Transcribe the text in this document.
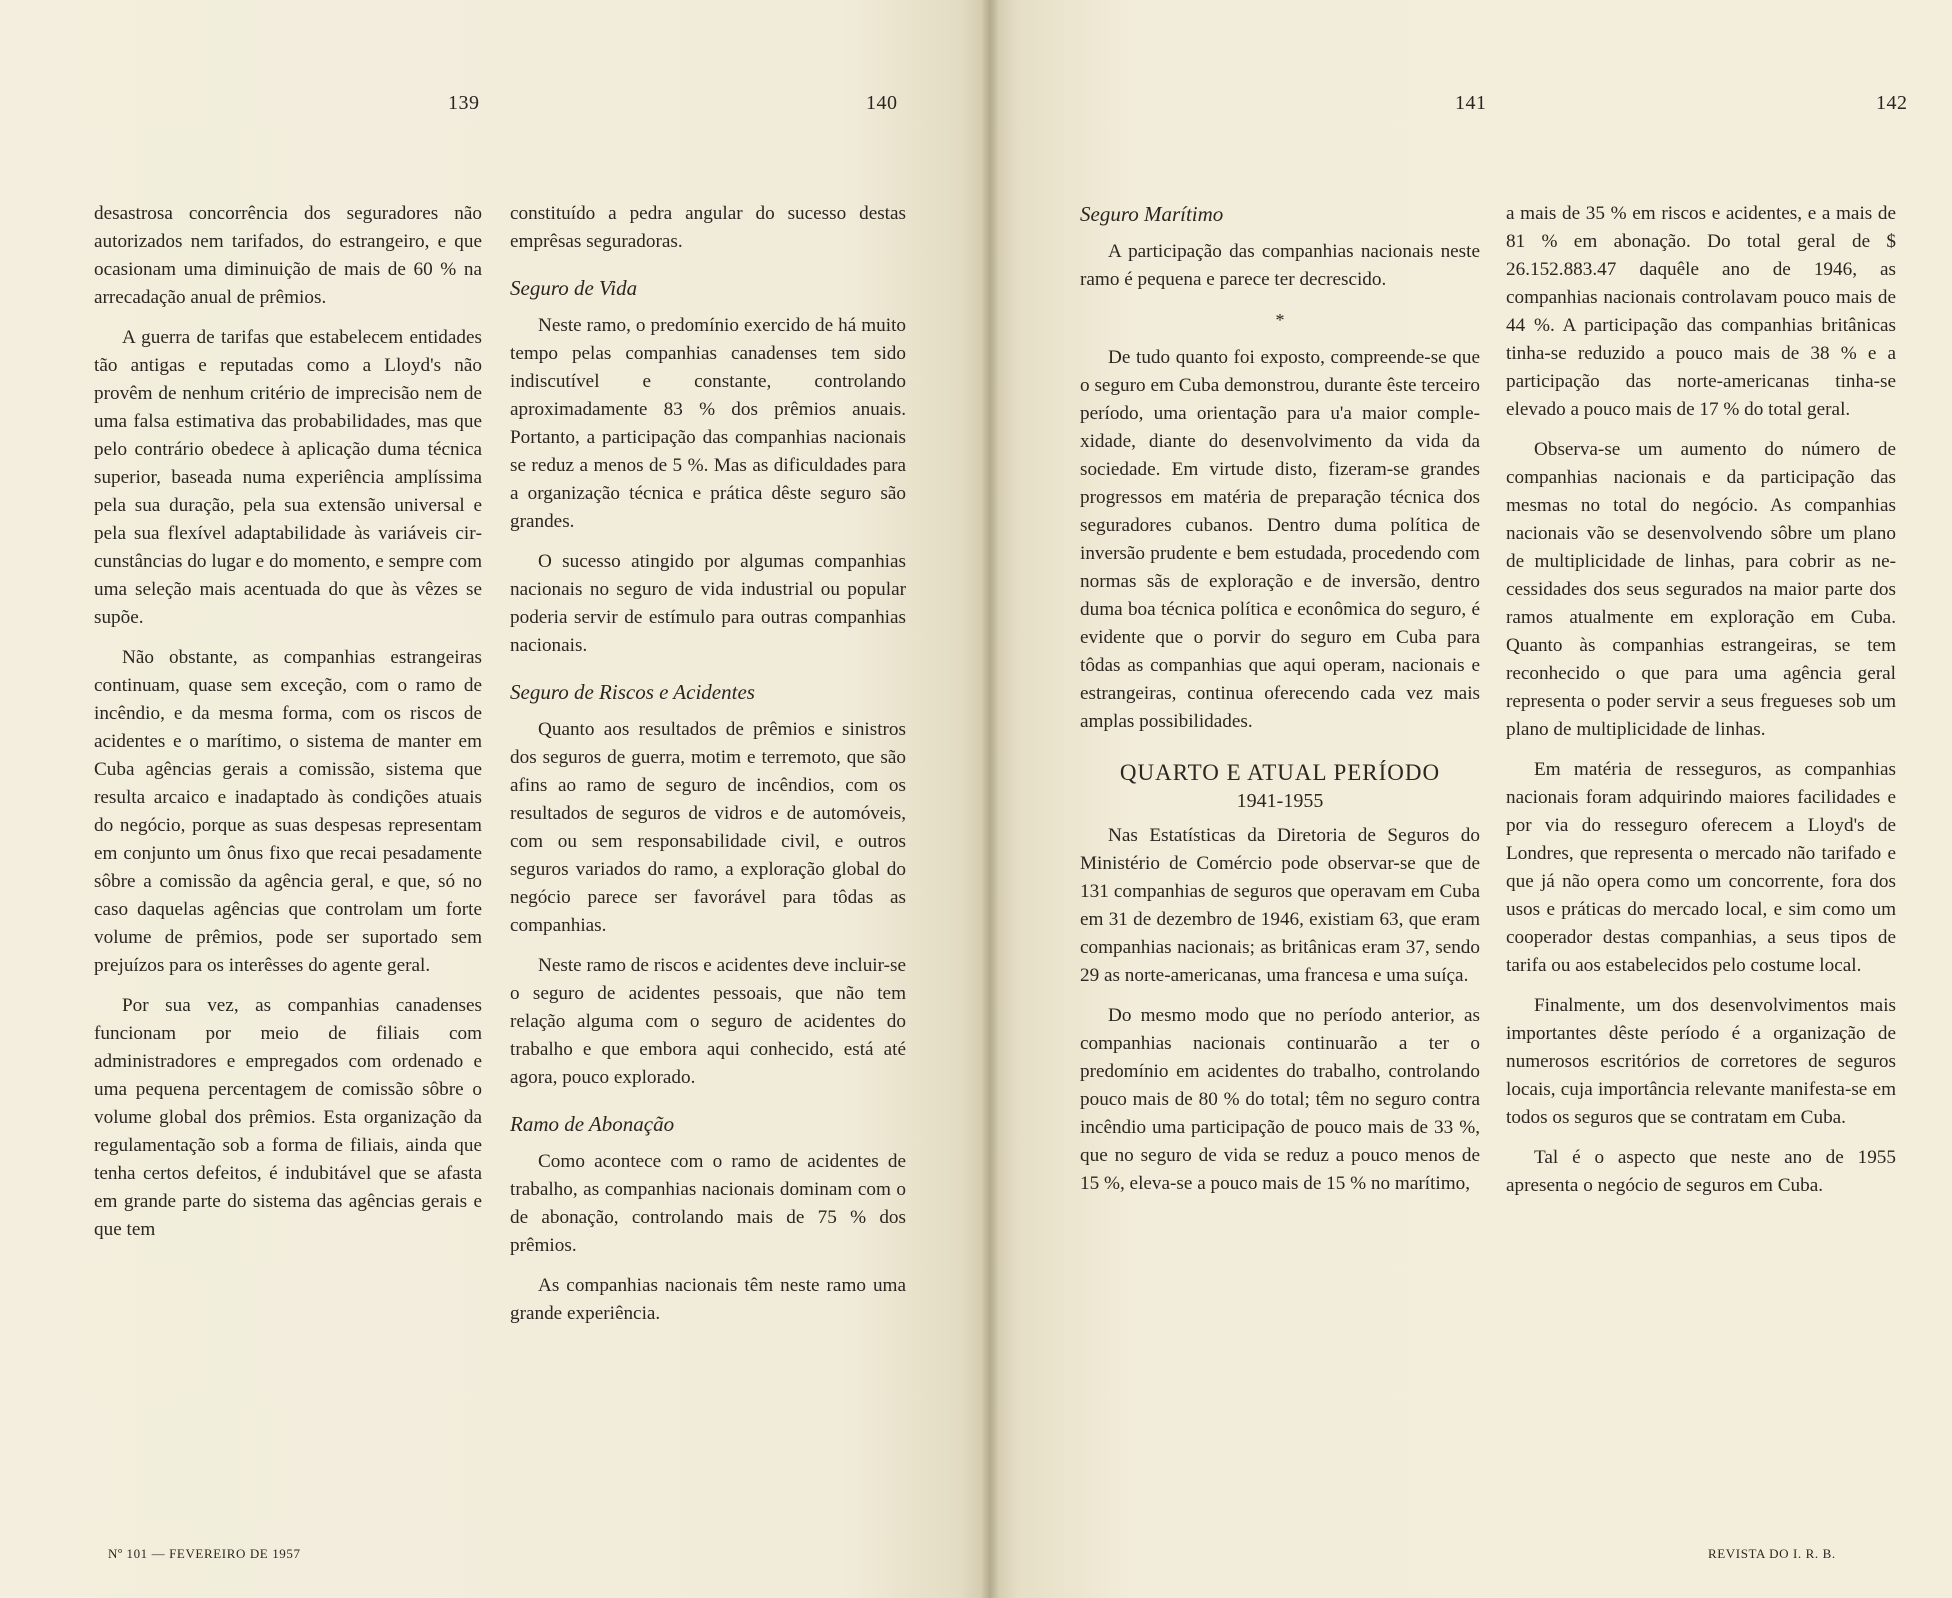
139	140	141	142

desastrosa concorrência dos seguradores não autorizados nem tarifados, do estrangeiro, e que ocasionam uma diminuição de mais de 60 % na arrecadação anual de prêmios.

A guerra de tarifas que estabelecem entidades tão antigas e reputadas como a Lloyd's não provêm de nenhum critério de imprecisão nem de uma falsa estimativa das probabilidades, mas que pelo contrário obedece à aplicação duma técnica superior, baseada numa experiência amplíssima pela sua duração, pela sua extensão universal e pela sua flexível adaptabilidade às variáveis circunstâncias do lugar e do momento, e sempre com uma seleção mais acentuada do que às vêzes se supõe.

Não obstante, as companhias estrangeiras continuam, quase sem exceção, com o ramo de incêndio, e da mesma forma, com os riscos de acidentes e o marítimo, o sistema de manter em Cuba agências gerais a comissão, sistema que resulta arcaico e inadaptado às condições atuais do negócio, porque as suas despesas representam em conjunto um ônus fixo que recai pesadamente sôbre a comissão da agência geral, e que, só no caso daquelas agências que controlam um forte volume de prêmios, pode ser suportado sem prejuízos para os interêsses do agente geral.

Por sua vez, as companhias canadenses funcionam por meio de filiais com administradores e empregados com ordenado e uma pequena percentagem de comissão sôbre o volume global dos prêmios. Esta organização da regulamentação sob a forma de filiais, ainda que tenha certos defeitos, é indubitável que se afasta em grande parte do sistema das agências gerais e que tem

constituído a pedra angular do sucesso destas emprêsas seguradoras.

Seguro de Vida

Neste ramo, o predomínio exercido de há muito tempo pelas companhias canadenses tem sido indiscutível e constante, controlando aproximadamente 83 % dos prêmios anuais. Portanto, a participação das companhias nacionais se reduz a menos de 5 %. Mas as dificuldades para a organização técnica e prática dêste seguro são grandes.

O sucesso atingido por algumas companhias nacionais no seguro de vida industrial ou popular poderia servir de estímulo para outras companhias nacionais.

Seguro de Riscos e Acidentes

Quanto aos resultados de prêmios e sinistros dos seguros de guerra, motim e terremoto, que são afins ao ramo de seguro de incêndios, com os resultados de seguros de vidros e de automóveis, com ou sem responsabilidade civil, e outros seguros variados do ramo, a exploração global do negócio parece ser favorável para tôdas as companhias.

Neste ramo de riscos e acidentes deve incluir-se o seguro de acidentes pessoais, que não tem relação alguma com o seguro de acidentes do trabalho e que embora aqui conhecido, está até agora, pouco explorado.

Ramo de Abonação

Como acontece com o ramo de acidentes de trabalho, as companhias nacionais dominam com o de abonação, controlando mais de 75 % dos prêmios.

As companhias nacionais têm neste ramo uma grande experiência.

Seguro Marítimo

A participação das companhias nacionais neste ramo é pequena e parece ter decrescido.

*

De tudo quanto foi exposto, compreende-se que o seguro em Cuba demonstrou, durante êste terceiro período, uma orientação para u'a maior complexidade, diante do desenvolvimento da vida da sociedade. Em virtude disto, fizeram-se grandes progressos em matéria de preparação técnica dos seguradores cubanos. Dentro duma política de inversão prudente e bem estudada, procedendo com normas sãs de exploração e de inversão, dentro duma boa técnica política e econômica do seguro, é evidente que o porvir do seguro em Cuba para tôdas as companhias que aqui operam, nacionais e estrangeiras, continua oferecendo cada vez mais amplas possibilidades.

QUARTO E ATUAL PERÍODO
1941-1955

Nas Estatísticas da Diretoria de Seguros do Ministério de Comércio pode observar-se que de 131 companhias de seguros que operavam em Cuba em 31 de dezembro de 1946, existiam 63, que eram companhias nacionais; as britânicas eram 37, sendo 29 as norte-americanas, uma francesa e uma suíça.

Do mesmo modo que no período anterior, as companhias nacionais continuarão a ter o predomínio em acidentes do trabalho, controlando pouco mais de 80 % do total; têm no seguro contra incêndio uma participação de pouco mais de 33 %, que no seguro de vida se reduz a pouco menos de 15 %, eleva-se a pouco mais de 15 % no marítimo,

a mais de 35 % em riscos e acidentes, e a mais de 81 % em abonação. Do total geral de $ 26.152.883.47 daquêle ano de 1946, as companhias nacionais controlavam pouco mais de 44 %. A participação das companhias britânicas tinha-se reduzido a pouco mais de 38 % e a participação das norte-americanas tinha-se elevado a pouco mais de 17 % do total geral.

Observa-se um aumento do número de companhias nacionais e da participação das mesmas no total do negócio. As companhias nacionais vão se desenvolvendo sôbre um plano de multiplicidade de linhas, para cobrir as necessidades dos seus segurados na maior parte dos ramos atualmente em exploração em Cuba. Quanto às companhias estrangeiras, se tem reconhecido o que para uma agência geral representa o poder servir a seus fregueses sob um plano de multiplicidade de linhas.

Em matéria de resseguros, as companhias nacionais foram adquirindo maiores facilidades e por via do resseguro oferecem a Lloyd's de Londres, que representa o mercado não tarifado e que já não opera como um concorrente, fora dos usos e práticas do mercado local, e sim como um cooperador destas companhias, a seus tipos de tarifa ou aos estabelecidos pelo costume local.

Finalmente, um dos desenvolvimentos mais importantes dêste período é a organização de numerosos escritórios de corretores de seguros locais, cuja importância relevante manifesta-se em todos os seguros que se contratam em Cuba.

Tal é o aspecto que neste ano de 1955 apresenta o negócio de seguros em Cuba.

Nº 101 — FEVEREIRO DE 1957	REVISTA DO I. R. B.
